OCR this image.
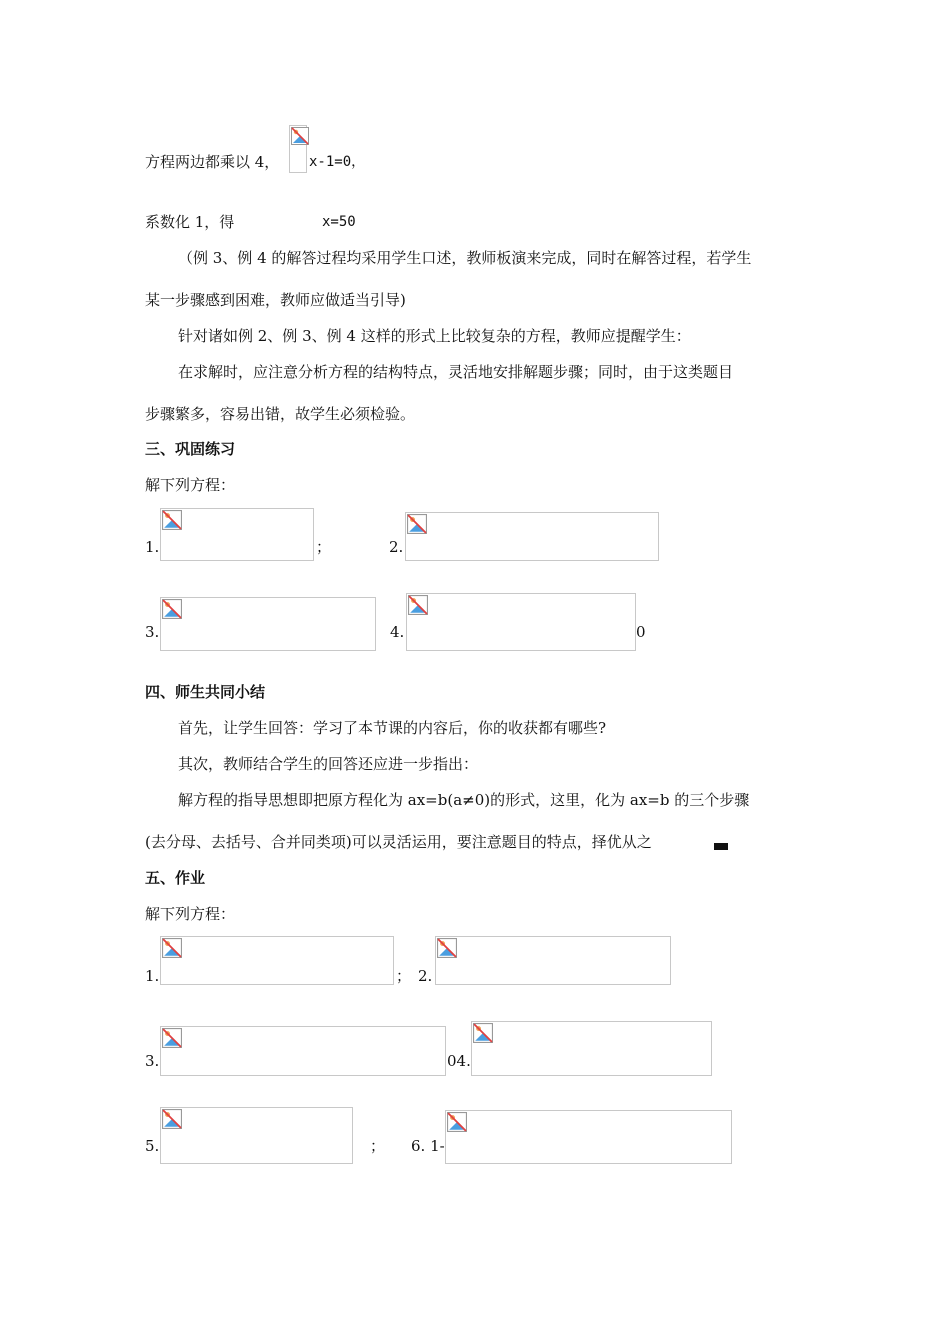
方程两边都乘以 4， x-1=0，
系数化 1，得	x=50
（例 3、例 4 的解答过程均采用学生口述，教师板演来完成，同时在解答过程，若学生
某一步骤感到困难，教师应做适当引导)
针对诸如例 2、例 3、例 4 这样的形式上比较复杂的方程，教师应提醒学生：
在求解时，应注意分析方程的结构特点，灵活地安排解题步骤；同时，由于这类题目
步骤繁多，容易出错，故学生必须检验。
三、巩固练习
解下列方程：
1.	；	2.
3.	4.	0
四、师生共同小结
首先，让学生回答：学习了本节课的内容后，你的收获都有哪些?
其次，教师结合学生的回答还应进一步指出：
解方程的指导思想即把原方程化为 ax=b(a≠0)的形式，这里，化为 ax=b 的三个步骤
(去分母、去括号、合并同类项)可以灵活运用，要注意题目的特点，择优从之
五、作业
解下列方程：
1.	； 2.
3.	04.
5.	； 6. 1-
